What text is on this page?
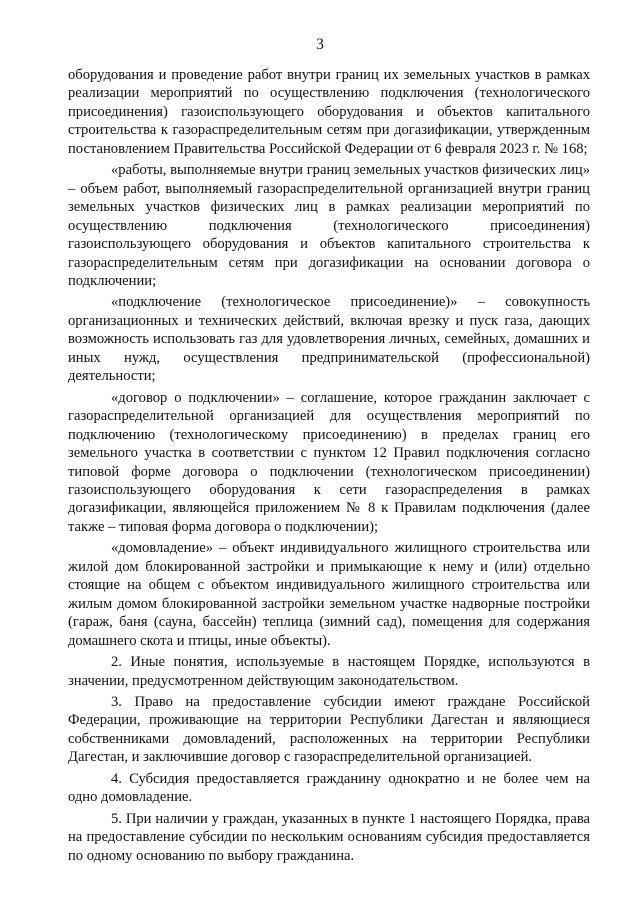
3

оборудования и проведение работ внутри границ их земельных участков в рамках реализации мероприятий по осуществлению подключения (технологического присоединения) газоиспользующего оборудования и объектов капитального строительства к газораспределительным сетям при догазификации, утвержденным постановлением Правительства Российской Федерации от 6 февраля 2023 г. № 168;

«работы, выполняемые внутри границ земельных участков физических лиц» – объем работ, выполняемый газораспределительной организацией внутри границ земельных участков физических лиц в рамках реализации мероприятий по осуществлению подключения (технологического присоединения) газоиспользующего оборудования и объектов капитального строительства к газораспределительным сетям при догазификации на основании договора о подключении;

«подключение (технологическое присоединение)» – совокупность организационных и технических действий, включая врезку и пуск газа, дающих возможность использовать газ для удовлетворения личных, семейных, домашних и иных нужд, осуществления предпринимательской (профессиональной) деятельности;

«договор о подключении» – соглашение, которое гражданин заключает с газораспределительной организацией для осуществления мероприятий по подключению (технологическому присоединению) в пределах границ его земельного участка в соответствии с пунктом 12 Правил подключения согласно типовой форме договора о подключении (технологическом присоединении) газоиспользующего оборудования к сети газораспределения в рамках догазификации, являющейся приложением № 8 к Правилам подключения (далее также – типовая форма договора о подключении);

«домовладение» – объект индивидуального жилищного строительства или жилой дом блокированной застройки и примыкающие к нему и (или) отдельно стоящие на общем с объектом индивидуального жилищного строительства или жилым домом блокированной застройки земельном участке надворные постройки (гараж, баня (сауна, бассейн) теплица (зимний сад), помещения для содержания домашнего скота и птицы, иные объекты).

2. Иные понятия, используемые в настоящем Порядке, используются в значении, предусмотренном действующим законодательством.

3. Право на предоставление субсидии имеют граждане Российской Федерации, проживающие на территории Республики Дагестан и являющиеся собственниками домовладений, расположенных на территории Республики Дагестан, и заключившие договор с газораспределительной организацией.

4. Субсидия предоставляется гражданину однократно и не более чем на одно домовладение.

5. При наличии у граждан, указанных в пункте 1 настоящего Порядка, права на предоставление субсидии по нескольким основаниям субсидия предоставляется по одному основанию по выбору гражданина.
